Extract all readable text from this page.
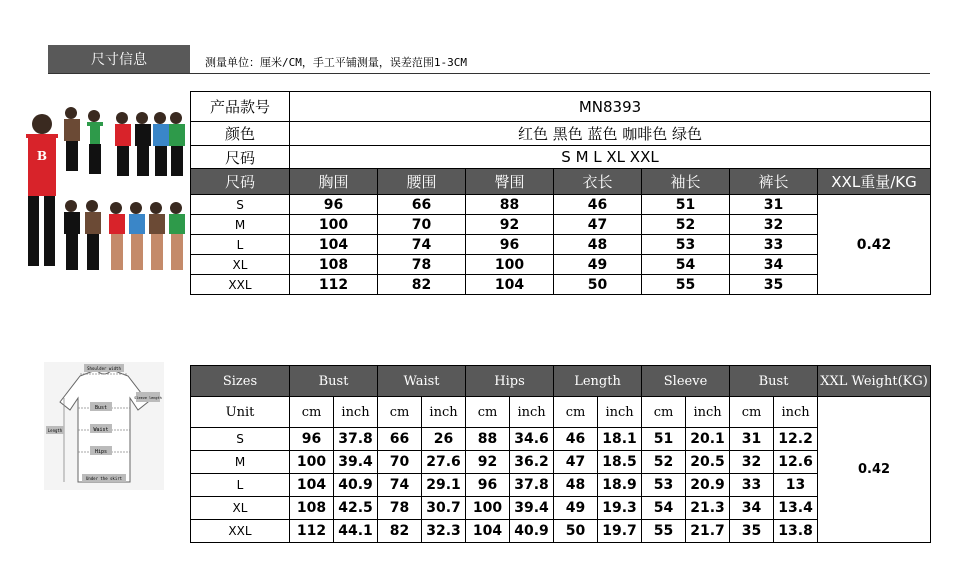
尺寸信息	测量单位：厘米/CM，手工平铺测量，误差范围1-3CM
B
产品款号	MN8393						
颜色	红色 黑色 蓝色 咖啡色 绿色						
尺码	S M L XL XXL						
尺码	胸围	腰围	臀围	衣长	袖长	裤长	XXL重量/KG
S	96	66	88	46	51	31	0.42
M	100	70	92	47	52	32	
L	104	74	96	48	53	33	
XL	108	78	100	49	54	34	
XXL	112	82	104	50	55	35	
Shoulder width
Sleeve length
Bust
Waist
Hips
Length
Under the skirt
Sizes	Bust		Waist		Hips		Length		Sleeve		Bust		XXL Weight(KG)
Unit	cm	inch	cm	inch	cm	inch	cm	inch	cm	inch	cm	inch	0.42
S	96	37.8	66	26	88	34.6	46	18.1	51	20.1	31	12.2	
M	100	39.4	70	27.6	92	36.2	47	18.5	52	20.5	32	12.6	
L	104	40.9	74	29.1	96	37.8	48	18.9	53	20.9	33	13	
XL	108	42.5	78	30.7	100	39.4	49	19.3	54	21.3	34	13.4	
XXL	112	44.1	82	32.3	104	40.9	50	19.7	55	21.7	35	13.8	
